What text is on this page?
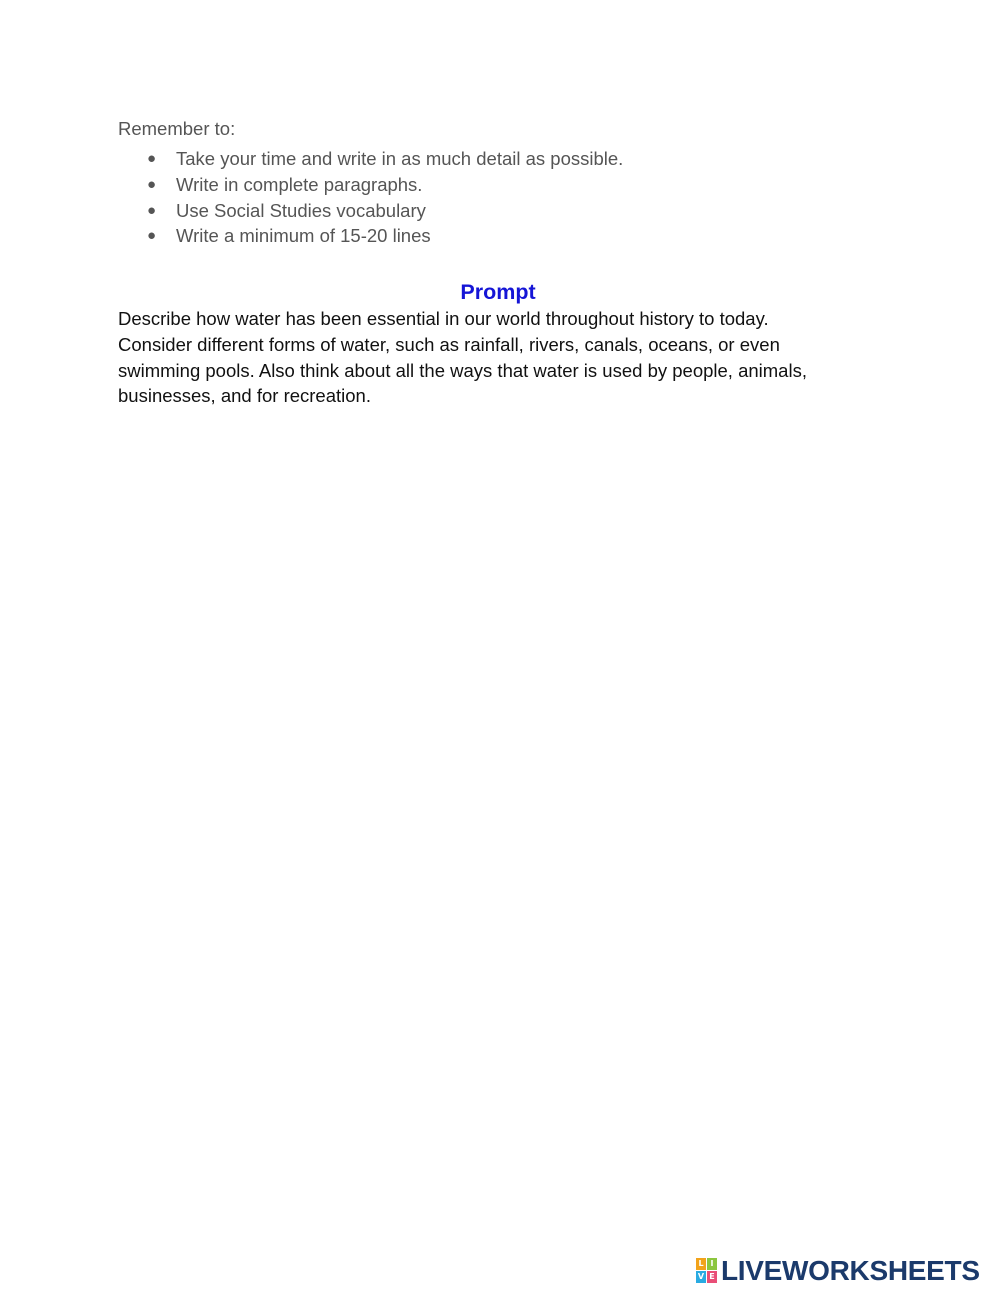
Remember to:
● Take your time and write in as much detail as possible.
● Write in complete paragraphs.
● Use Social Studies vocabulary
● Write a minimum of 15-20 lines
Prompt
Describe how water has been essential in our world throughout history to today.
Consider different forms of water, such as rainfall, rivers, canals, oceans, or even
swimming pools. Also think about all the ways that water is used by people, animals,
businesses, and for recreation.
L I
V E LIVEWORKSHEETS
